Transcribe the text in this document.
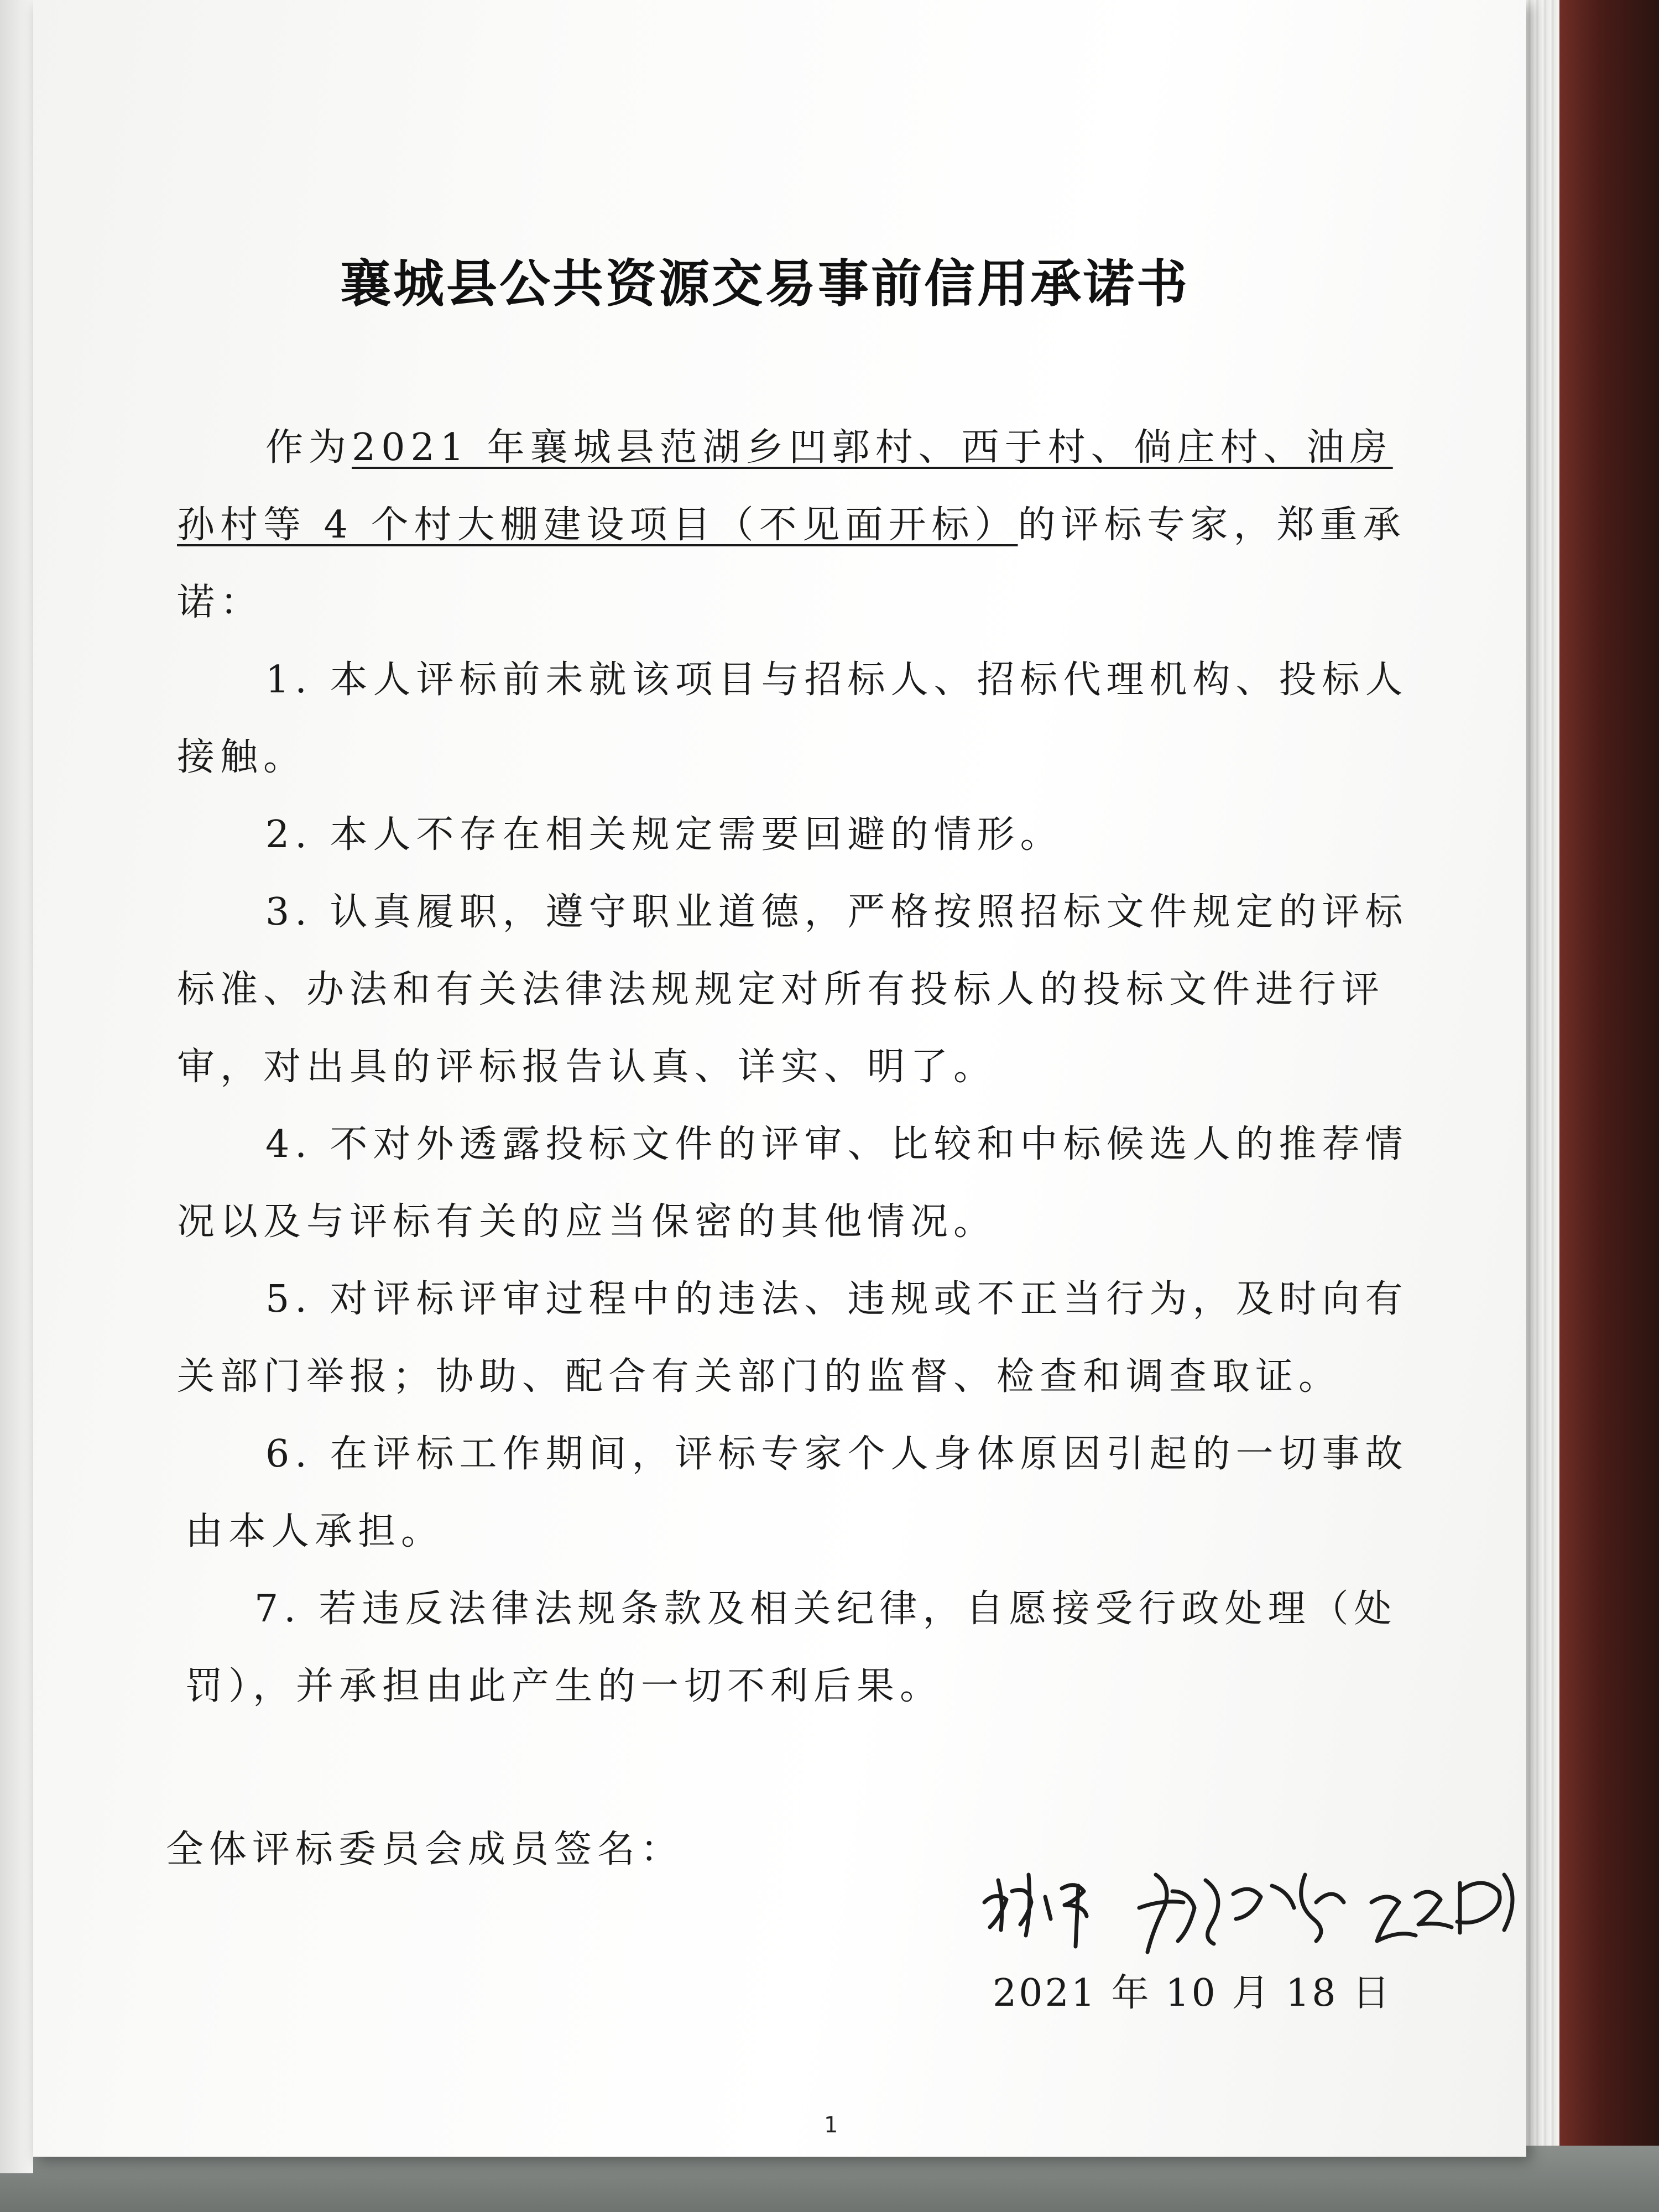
襄城县公共资源交易事前信用承诺书
作为2021 年襄城县范湖乡凹郭村、西于村、倘庄村、油房
孙村等 4 个村大棚建设项目（不见面开标）的评标专家，郑重承
诺：
1. 本人评标前未就该项目与招标人、招标代理机构、投标人
接触。
2. 本人不存在相关规定需要回避的情形。
3. 认真履职，遵守职业道德，严格按照招标文件规定的评标
标准、办法和有关法律法规规定对所有投标人的投标文件进行评
审，对出具的评标报告认真、详实、明了。
4. 不对外透露投标文件的评审、比较和中标候选人的推荐情
况以及与评标有关的应当保密的其他情况。
5. 对评标评审过程中的违法、违规或不正当行为，及时向有
关部门举报；协助、配合有关部门的监督、检查和调查取证。
6. 在评标工作期间，评标专家个人身体原因引起的一切事故
由本人承担。
7. 若违反法律法规条款及相关纪律，自愿接受行政处理（处
罚），并承担由此产生的一切不利后果。
全体评标委员会成员签名：
2021 年 10 月 18 日
1
